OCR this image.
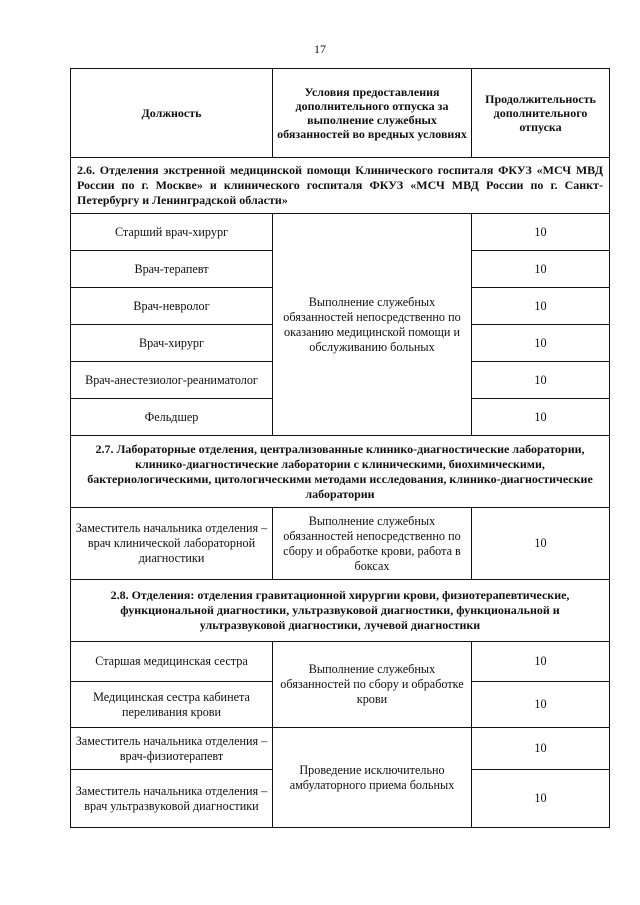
17
Должность	Условия предоставления дополнительного отпуска за выполнение служебных обязанностей во вредных условиях	Продолжительность дополнительного отпуска
2.6. Отделения экстренной медицинской помощи Клинического госпиталя ФКУЗ «МСЧ МВД России по г. Москве» и клинического госпиталя ФКУЗ «МСЧ МВД России по г. Санкт-Петербургу и Ленинградской области»		
Старший врач-хирург	Выполнение служебных обязанностей непосредственно по оказанию медицинской помощи и обслуживанию больных	10
Врач-терапевт		10
Врач-невролог		10
Врач-хирург		10
Врач-анестезиолог-реаниматолог		10
Фельдшер		10
2.7. Лабораторные отделения, централизованные клинико-диагностические лаборатории, клинико-диагностические лаборатории с клиническими, биохимическими, бактериологическими, цитологическими методами исследования, клинико-диагностические лаборатории		
Заместитель начальника отделения – врач клинической лабораторной диагностики	Выполнение служебных обязанностей непосредственно по сбору и обработке крови, работа в боксах	10
2.8. Отделения: отделения гравитационной хирургии крови, физиотерапевтические, функциональной диагностики, ультразвуковой диагностики, функциональной и ультразвуковой диагностики, лучевой диагностики		
Старшая медицинская сестра	Выполнение служебных обязанностей по сбору и обработке крови	10
Медицинская сестра кабинета переливания крови		10
Заместитель начальника отделения – врач-физиотерапевт	Проведение исключительно амбулаторного приема больных	10
Заместитель начальника отделения – врач ультразвуковой диагностики		10
